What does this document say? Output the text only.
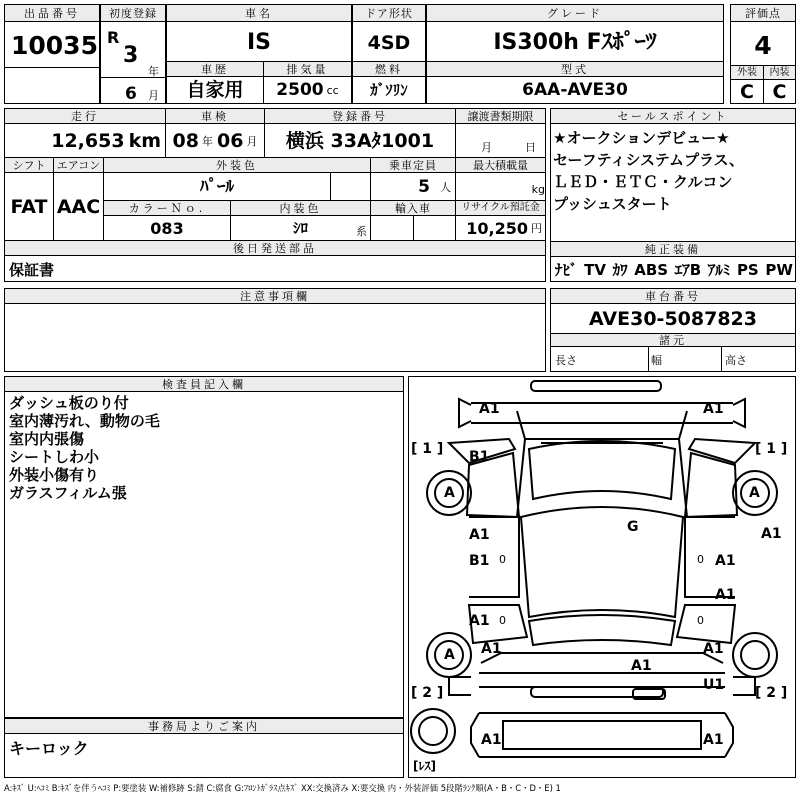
出品番号
10035
初度登録
R
3
年
6 月
車名
IS
ドア形状
4SD
グレード
IS300h Fｽﾎﾟｰﾂ
評価点
4
外装	内装
C C
車歴
自家用
排気量
2500 cc
燃料
ｶﾞｿﾘﾝ
型式
6AA-AVE30
走行
12,653 km
車検
08 年 06 月
登録番号
横浜 33Aﾀ1001
譲渡書類期限
月	日
セールスポイント
★オークションデビュー★
セーフティシステムプラス、
ＬＥＤ・ＥＴＣ・クルコン
プッシュスタート
シフト
FAT
エアコン
AAC
外装色
ﾊﾟｰﾙ
乗車定員
5 人
最大積載量
kg
カラーＮｏ.
083
内装色
ｼﾛ	系
輸入車	リサイクル預託金
10,250 円
後日発送部品
保証書
純正装備
ﾅﾋﾞ TV ｶﾜ ABS ｴｱB ｱﾙﾐ PS PW
注意事項欄	車台番号
AVE30-5087823
諸元
長さ	幅	高さ
検査員記入欄
ダッシュ板のり付
室内薄汚れ、動物の毛
室内内張傷
シートしわ小
外装小傷有り
ガラスフィルム張
事務局よりご案内
キーロック
A1	A1
B1
A	A
G
A1
B1
A1
A1
A1
A1
A1
A	A1
A1
U1
A1	A1
0	0
0	0
[ 1 ]	[ 1 ]
[ 2 ]	[ 2 ]
[ﾚｽ]
A:ｷｽﾞ U:ﾍｺﾐ B:ｷｽﾞを伴うﾍｺﾐ P:要塗装 W:補修跡 S:錆 C:腐食 G:ﾌﾛﾝﾄｶﾞﾗｽ点ｷｽﾞ XX:交換済み X:要交換 内・外装評価 5段階ﾗﾝｸ順(A・B・C・D・E) 1
